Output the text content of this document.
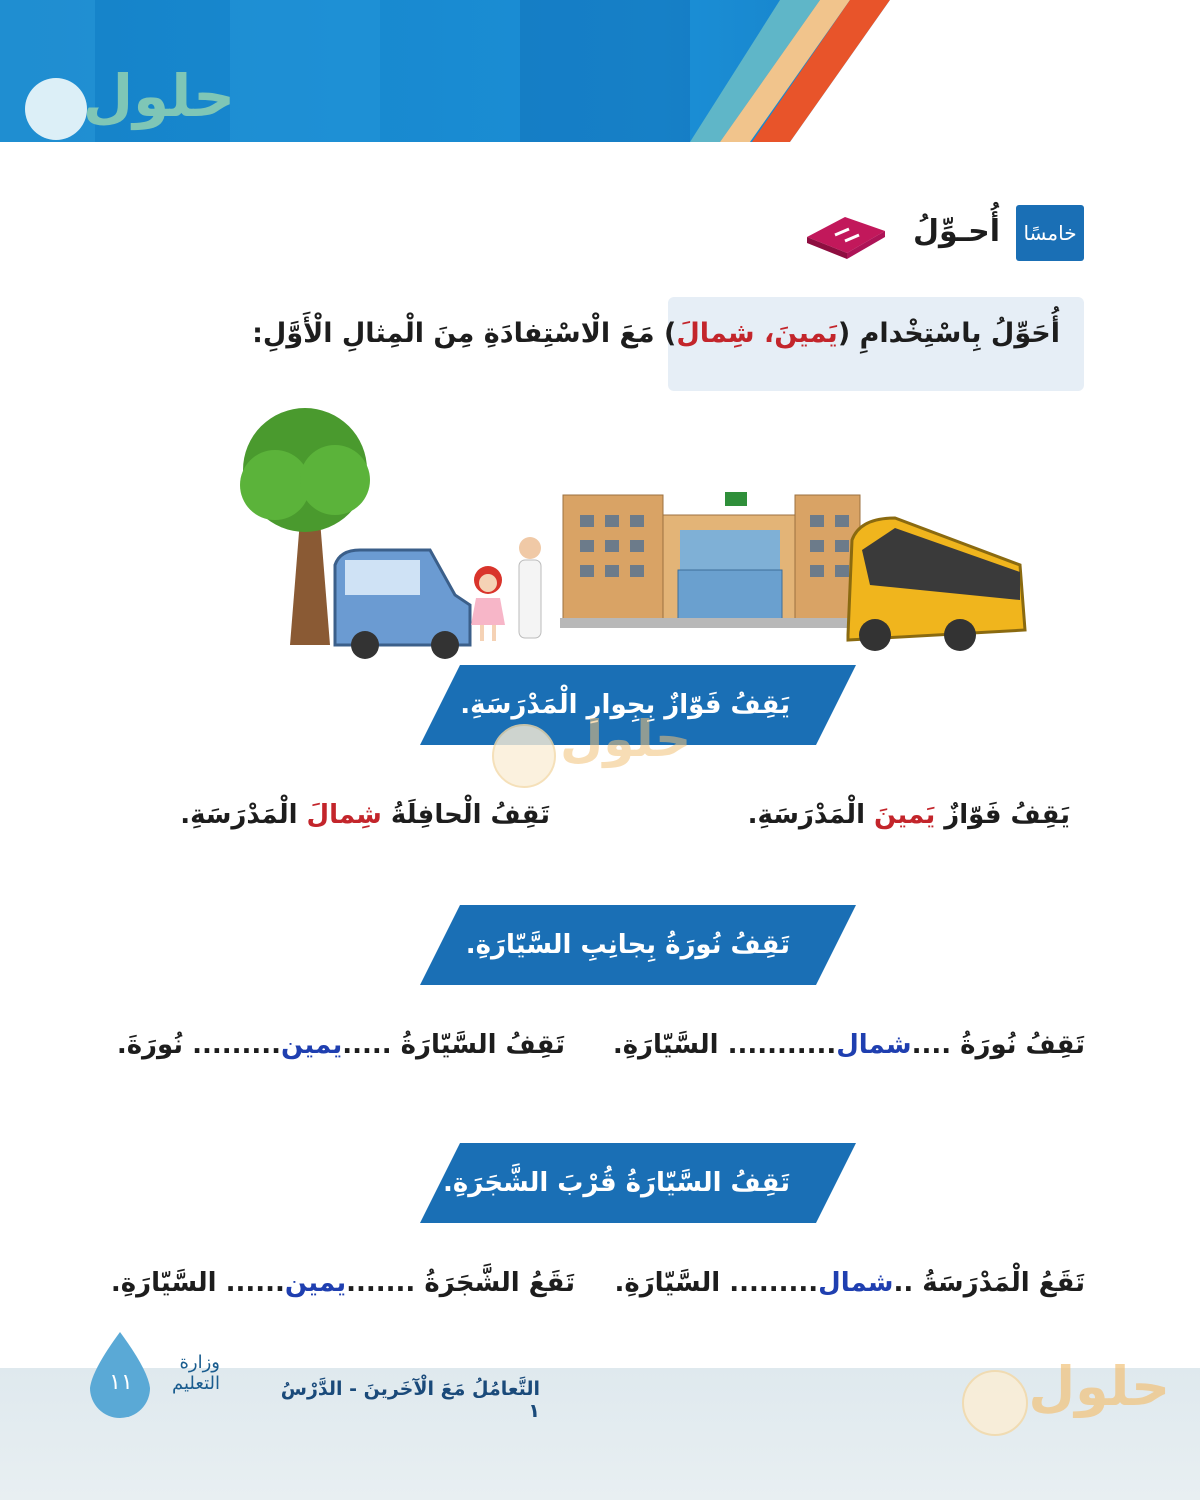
حلول
خامسًا
أُحـوِّلُ
أُحَوِّلُ بِاسْتِخْدامِ (يَمينَ، شِمالَ) مَعَ الْاسْتِفادَةِ مِنَ الْمِثالِ الْأَوَّلِ:
يَقِفُ فَوّازٌ بِجِوارِ الْمَدْرَسَةِ.
يَقِفُ فَوّازٌ يَمينَ الْمَدْرَسَةِ.
تَقِفُ الْحافِلَةُ شِمالَ الْمَدْرَسَةِ.
تَقِفُ نُورَةُ بِجانِبِ السَّيّارَةِ.
تَقِفُ نُورَةُ ....شمال........... السَّيّارَةِ.
تَقِفُ السَّيّارَةُ .....يمين......... نُورَةَ.
تَقِفُ السَّيّارَةُ قُرْبَ الشَّجَرَةِ.
تَقَعُ الْمَدْرَسَةُ ..شمال......... السَّيّارَةِ.
تَقَعُ الشَّجَرَةُ .......يمين...... السَّيّارَةِ.
١١
وزارة التعليم	التَّعامُلُ مَعَ الْآخَرينَ - الدَّرْسُ ١
حلول
حلول
